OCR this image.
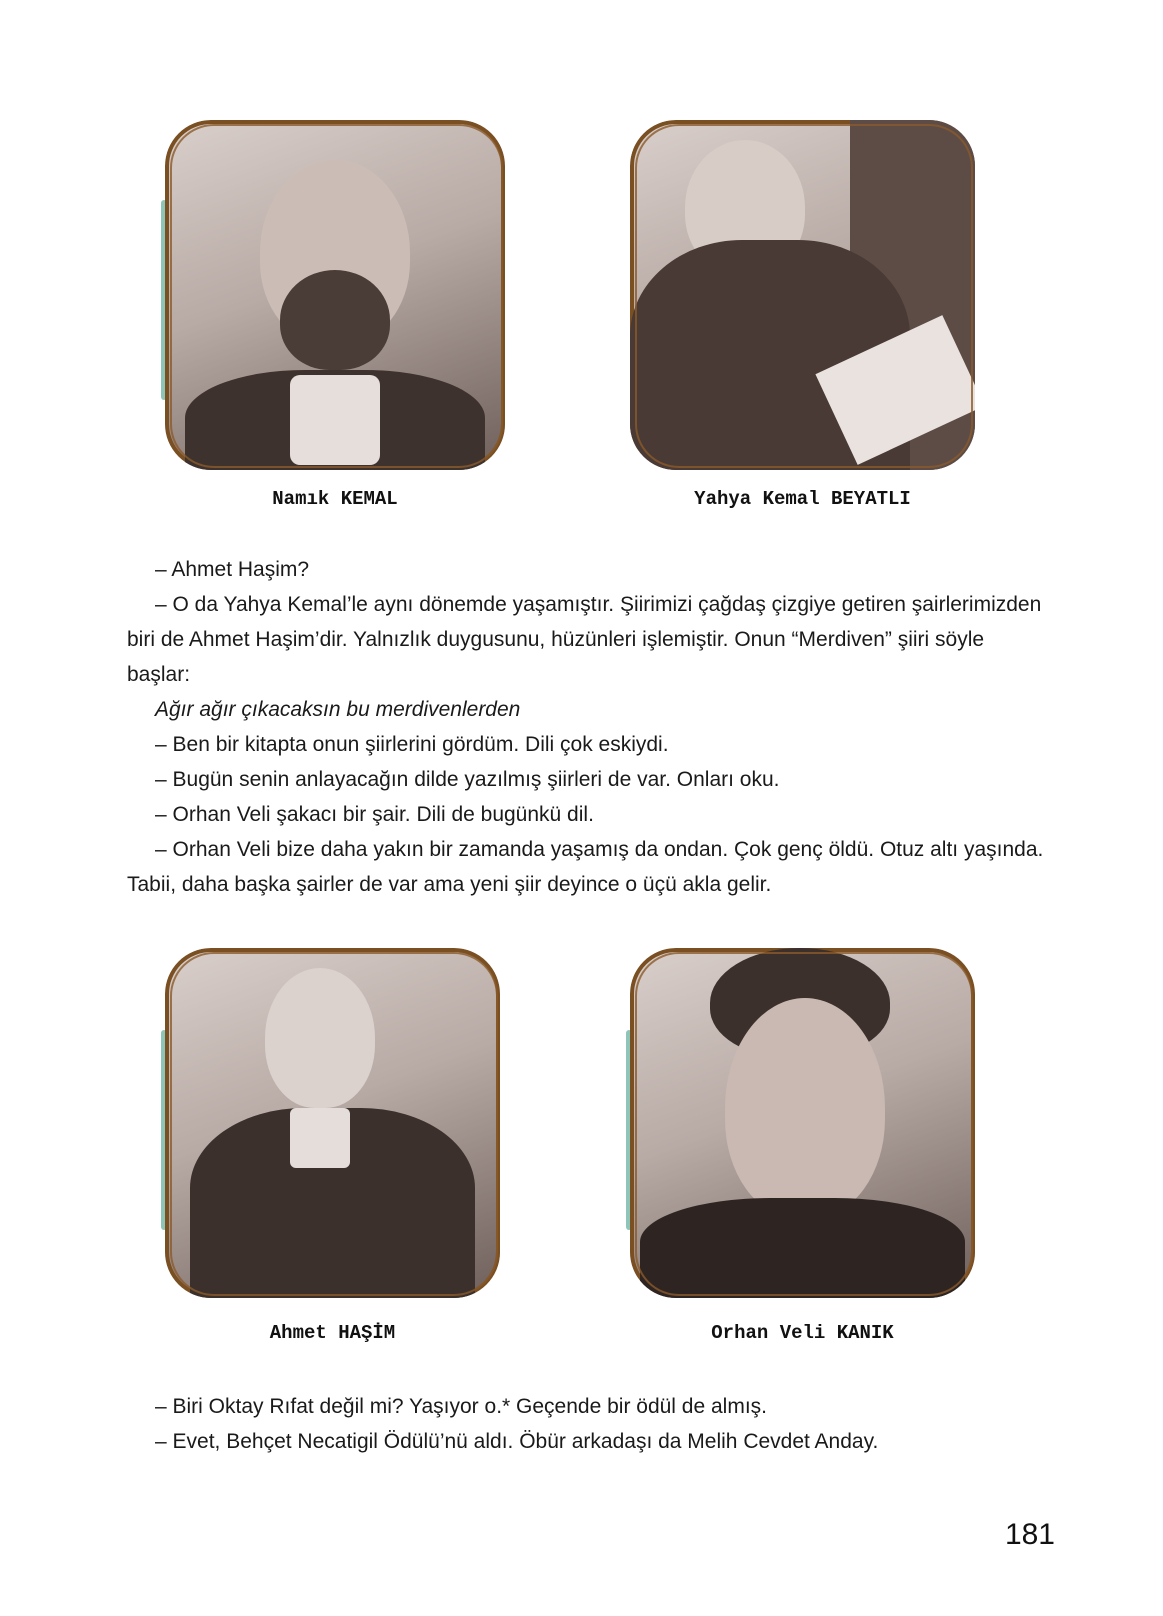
Namık KEMAL	Yahya Kemal BEYATLI

– Ahmet Haşim?

– O da Yahya Kemal’le aynı dönemde yaşamıştır. Şiirimizi çağdaş çizgiye getiren şairlerimizden biri de Ahmet Haşim’dir. Yalnızlık duygusunu, hüzünleri işlemiştir. Onun “Merdiven” şiiri söyle başlar:

Ağır ağır çıkacaksın bu merdivenlerden

– Ben bir kitapta onun şiirlerini gördüm. Dili çok eskiydi.

– Bugün senin anlayacağın dilde yazılmış şiirleri de var. Onları oku.

– Orhan Veli şakacı bir şair. Dili de bugünkü dil.

– Orhan Veli bize daha yakın bir zamanda yaşamış da ondan. Çok genç öldü. Otuz altı yaşında. Tabii, daha başka şairler de var ama yeni şiir deyince o üçü akla gelir.

Ahmet HAŞİM	Orhan Veli KANIK

– Biri Oktay Rıfat değil mi? Yaşıyor o.* Geçende bir ödül de almış.

– Evet, Behçet Necatigil Ödülü’nü aldı. Öbür arkadaşı da Melih Cevdet Anday.

181
